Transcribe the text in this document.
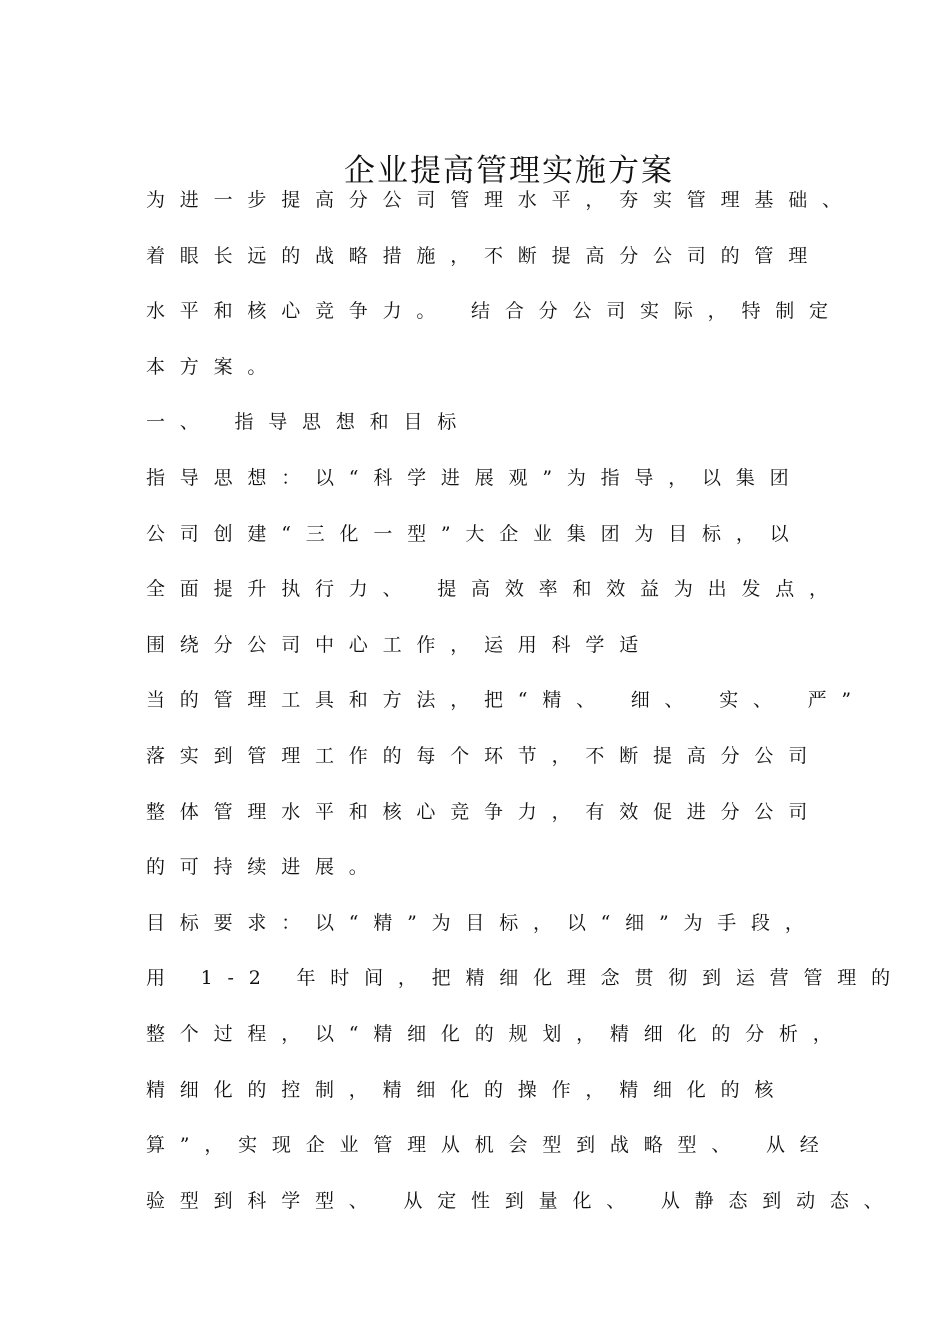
企业提高管理实施方案
为进一步提高分公司管理水平，夯实管理基础、
着眼长远的战略措施，不断提高分公司的管理
水平和核心竞争力。 结合分公司实际，特制定
本方案。
一、 指导思想和目标
指导思想：以“科学进展观”为指导，以集团
公司创建“三化一型”大企业集团为目标，以
全面提升执行力、 提高效率和效益为出发点，
围绕分公司中心工作，运用科学适
当的管理工具和方法，把“精、 细、 实、 严”
落实到管理工作的每个环节，不断提高分公司
整体管理水平和核心竞争力，有效促进分公司
的可持续进展。
目标要求：以“精”为目标，以“细”为手段，
用 1-2 年时间，把精细化理念贯彻到运营管理的
整个过程，以“精细化的规划，精细化的分析，
精细化的控制，精细化的操作，精细化的核
算”，实现企业管理从机会型到战略型、 从经
验型到科学型、 从定性到量化、 从静态到动态、
